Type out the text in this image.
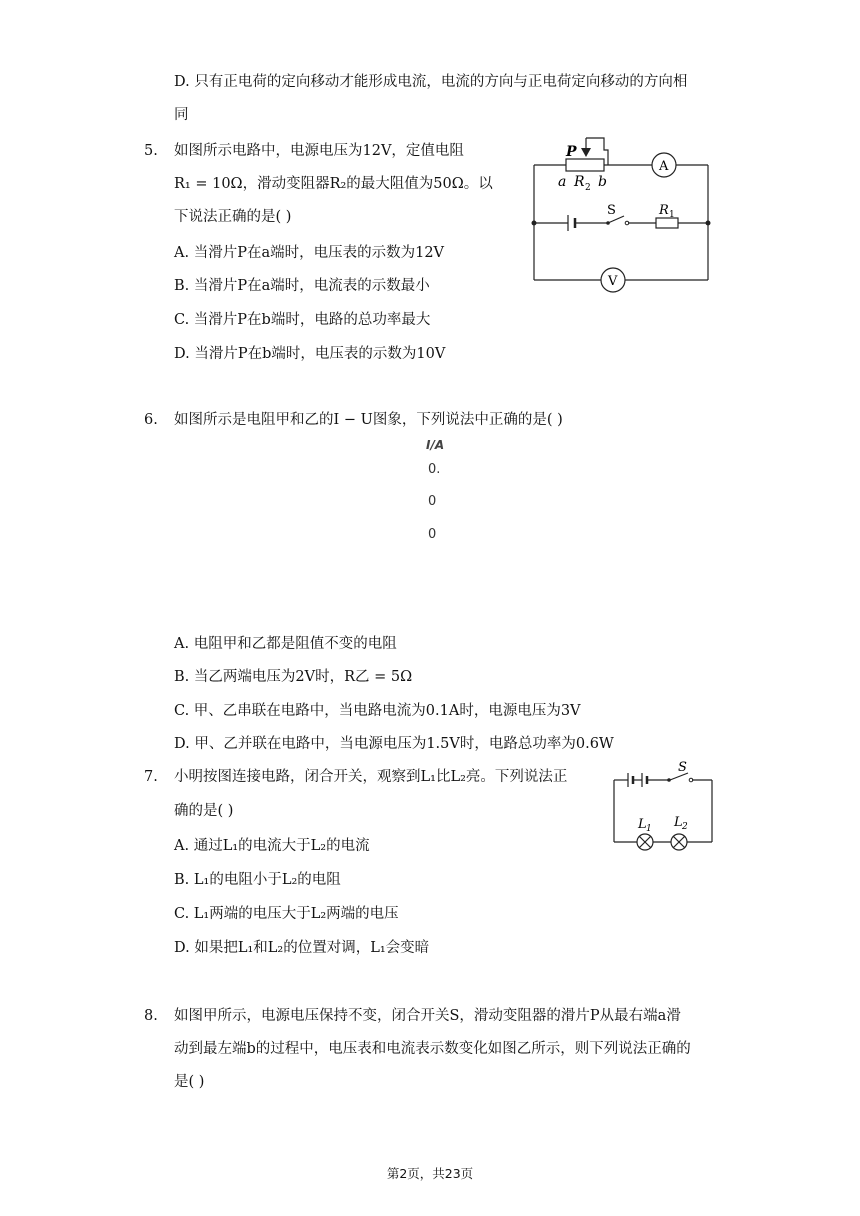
D. 只有正电荷的定向移动才能形成电流，电流的方向与正电荷定向移动的方向相
同
5. 如图所示电路中，电源电压为12V，定值电阻
R₁ = 10Ω，滑动变阻器R₂的最大阻值为50Ω。以
下说法正确的是( )
A. 当滑片P在a端时，电压表的示数为12V
B. 当滑片P在a端时，电流表的示数最小
C. 当滑片P在b端时，电路的总功率最大
D. 当滑片P在b端时，电压表的示数为10V
P
a R 2 b
A
S	R 1
V
6. 如图所示是电阻甲和乙的I − U图象，下列说法中正确的是( )
I/A
0.
0
0
A. 电阻甲和乙都是阻值不变的电阻
B. 当乙两端电压为2V时，R乙 = 5Ω
C. 甲、乙串联在电路中，当电路电流为0.1A时，电源电压为3V
D. 甲、乙并联在电路中，当电源电压为1.5V时，电路总功率为0.6W
7. 小明按图连接电路，闭合开关，观察到L₁比L₂亮。下列说法正
确的是( )
A. 通过L₁的电流大于L₂的电流
B. L₁的电阻小于L₂的电阻
C. L₁两端的电压大于L₂两端的电压
D. 如果把L₁和L₂的位置对调，L₁会变暗
S
L 1 L 2
8. 如图甲所示，电源电压保持不变，闭合开关S，滑动变阻器的滑片P从最右端a滑
动到最左端b的过程中，电压表和电流表示数变化如图乙所示，则下列说法正确的
是( )
第2页，共23页
